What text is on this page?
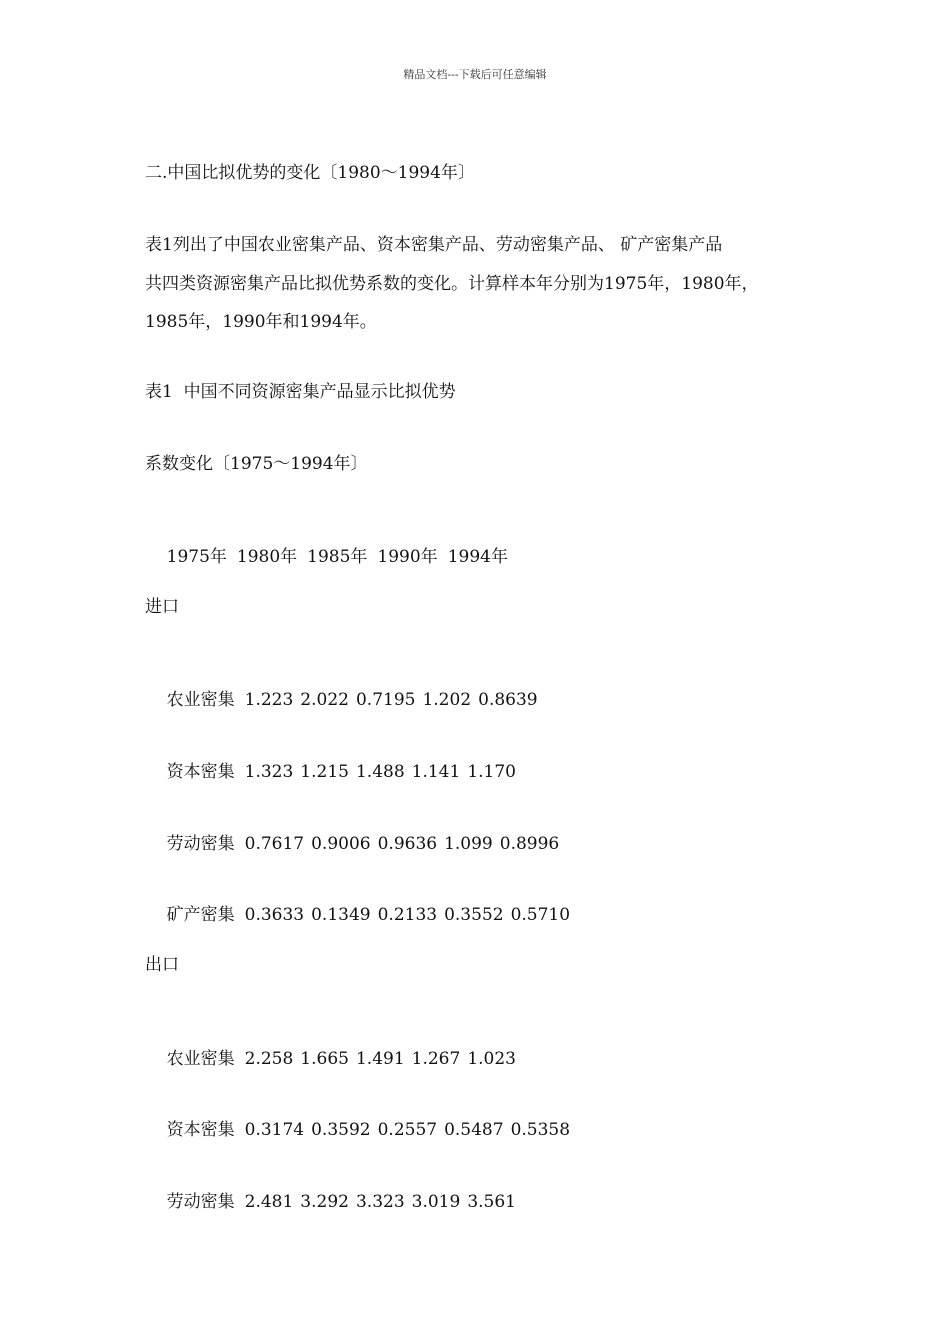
精品文档---下载后可任意编辑
二.中国比拟优势的变化〔1980～1994年〕
表1列出了中国农业密集产品、资本密集产品、劳动密集产品、 矿产密集产品
共四类资源密集产品比拟优势系数的变化。计算样本年分别为1975年，1980年，
1985年，1990年和1994年。
表1  中国不同资源密集产品显示比拟优势
系数变化〔1975～1994年〕

1975年 1980年 1985年 1990年 1994年

进口

农业密集 1.223 2.022 0.7195 1.202 0.8639

资本密集 1.323 1.215 1.488 1.141 1.170

劳动密集 0.7617 0.9006 0.9636 1.099 0.8996

矿产密集 0.3633 0.1349 0.2133 0.3552 0.5710

出口

农业密集 2.258 1.665 1.491 1.267 1.023

资本密集 0.3174 0.3592 0.2557 0.5487 0.5358

劳动密集 2.481 3.292 3.323 3.019 3.561
